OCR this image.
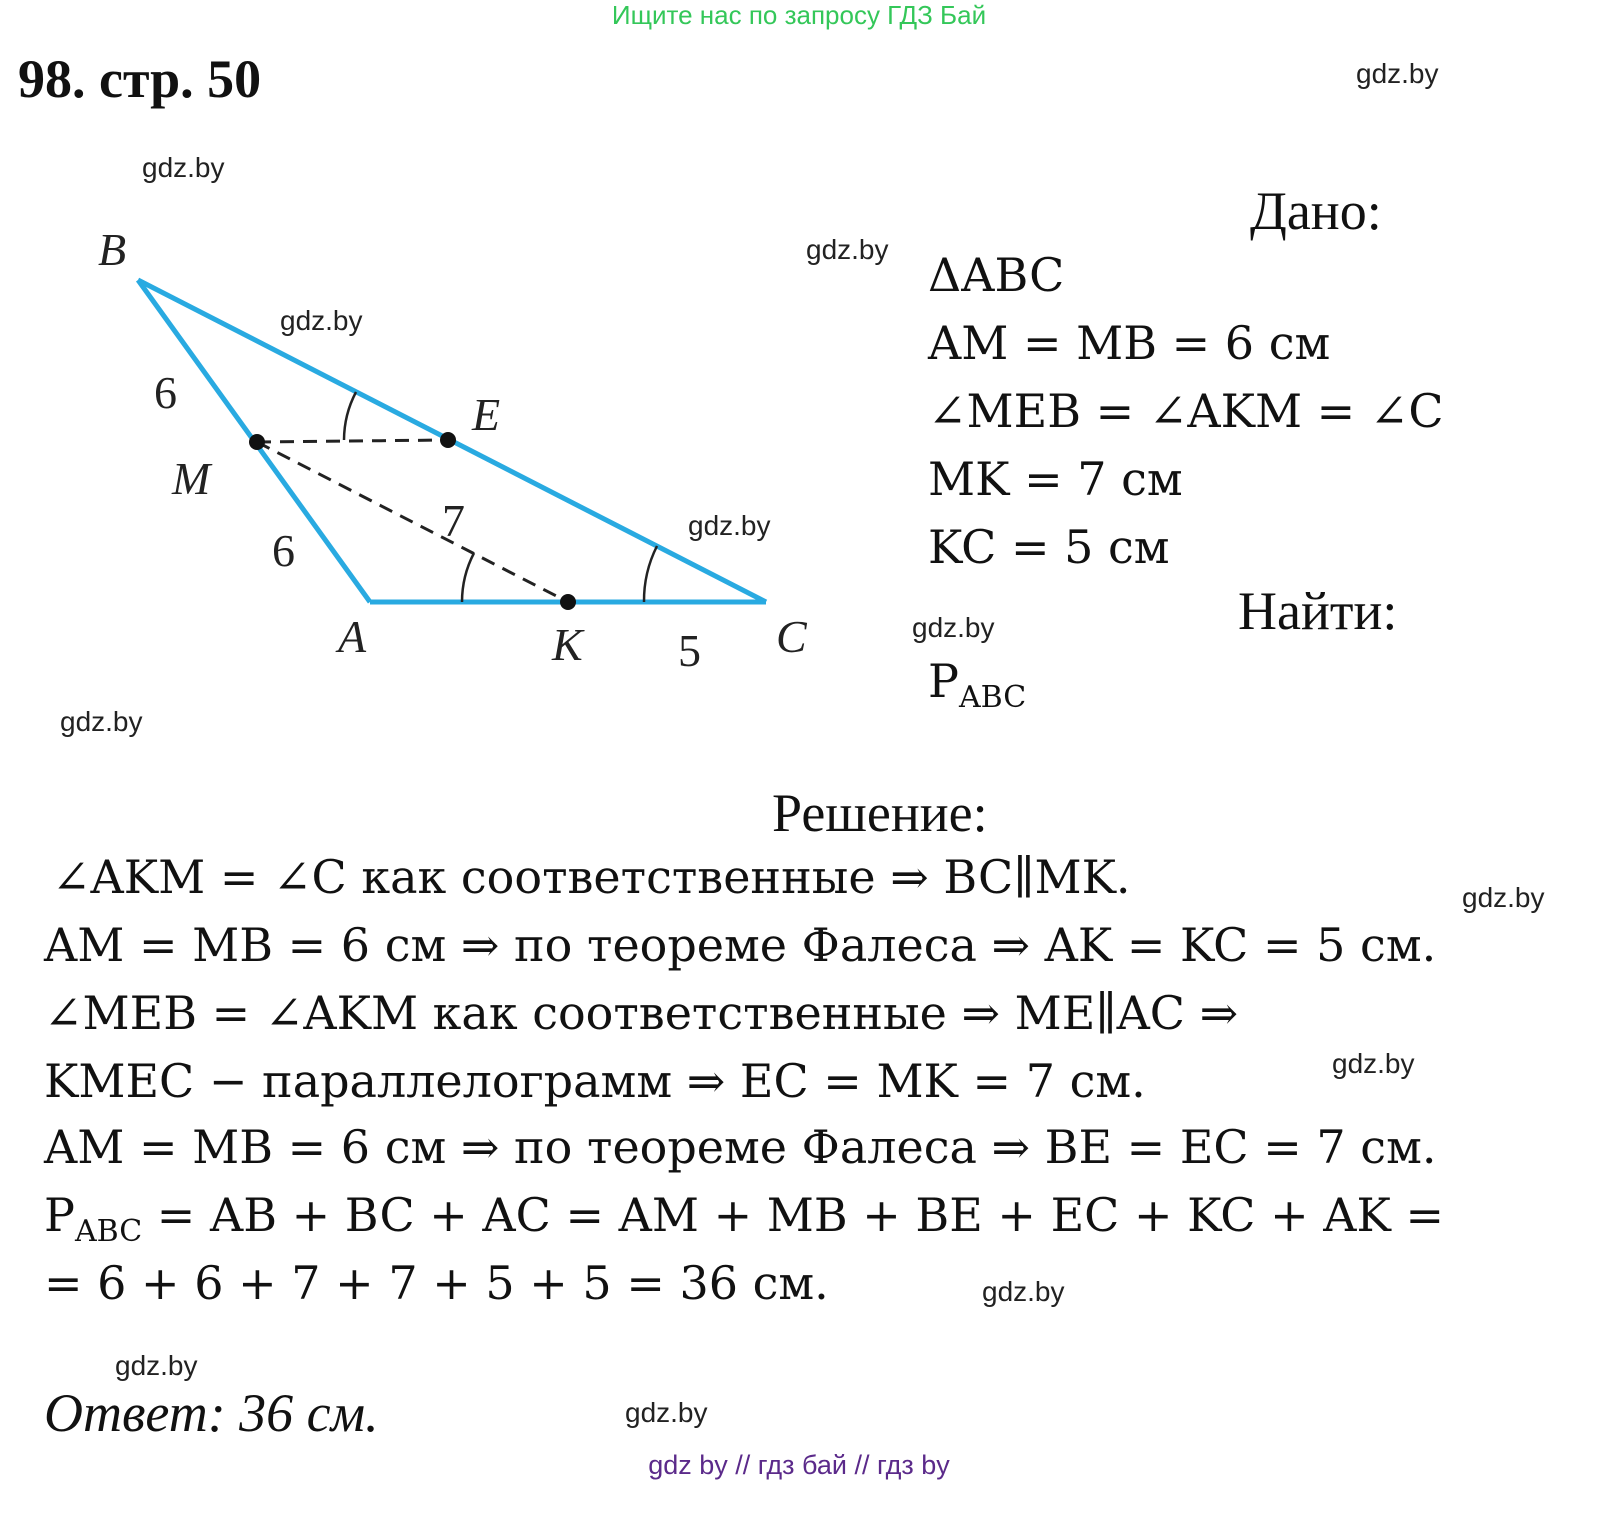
Ищите нас по запросу ГДЗ Бай
98. стр. 50	gdz.by
gdz.by
gdz.by
gdz.by
gdz.by
gdz.by
gdz.by
gdz.by
gdz.by
gdz.by
gdz.by
gdz.by
B
E
M
A	K	C
6
6
7
5
Дано:
ΔABC
AM = MB = 6 см
∠MEB = ∠AKM = ∠C
MK = 7 см
KC = 5 см
Найти:
$P_{ABC}$
Решение:
∠AKM = ∠C как соответственные ⇒ BC∥MK.
AM = MB = 6 см ⇒ по теореме Фалеса ⇒ AK = KC = 5 см.
∠MEB = ∠AKM как соответственные ⇒ ME∥AC ⇒
KMEC − параллелограмм ⇒ EC = MK = 7 см.
AM = MB = 6 см ⇒ по теореме Фалеса ⇒ BE = EC = 7 см.
$P_{ABC}$ = AB + BC + AC = AM + MB + BE + EC + KC + AK =
= 6 + 6 + 7 + 7 + 5 + 5 = 36 см.
Ответ: 36 см.
gdz by // гдз бай // гдз by
